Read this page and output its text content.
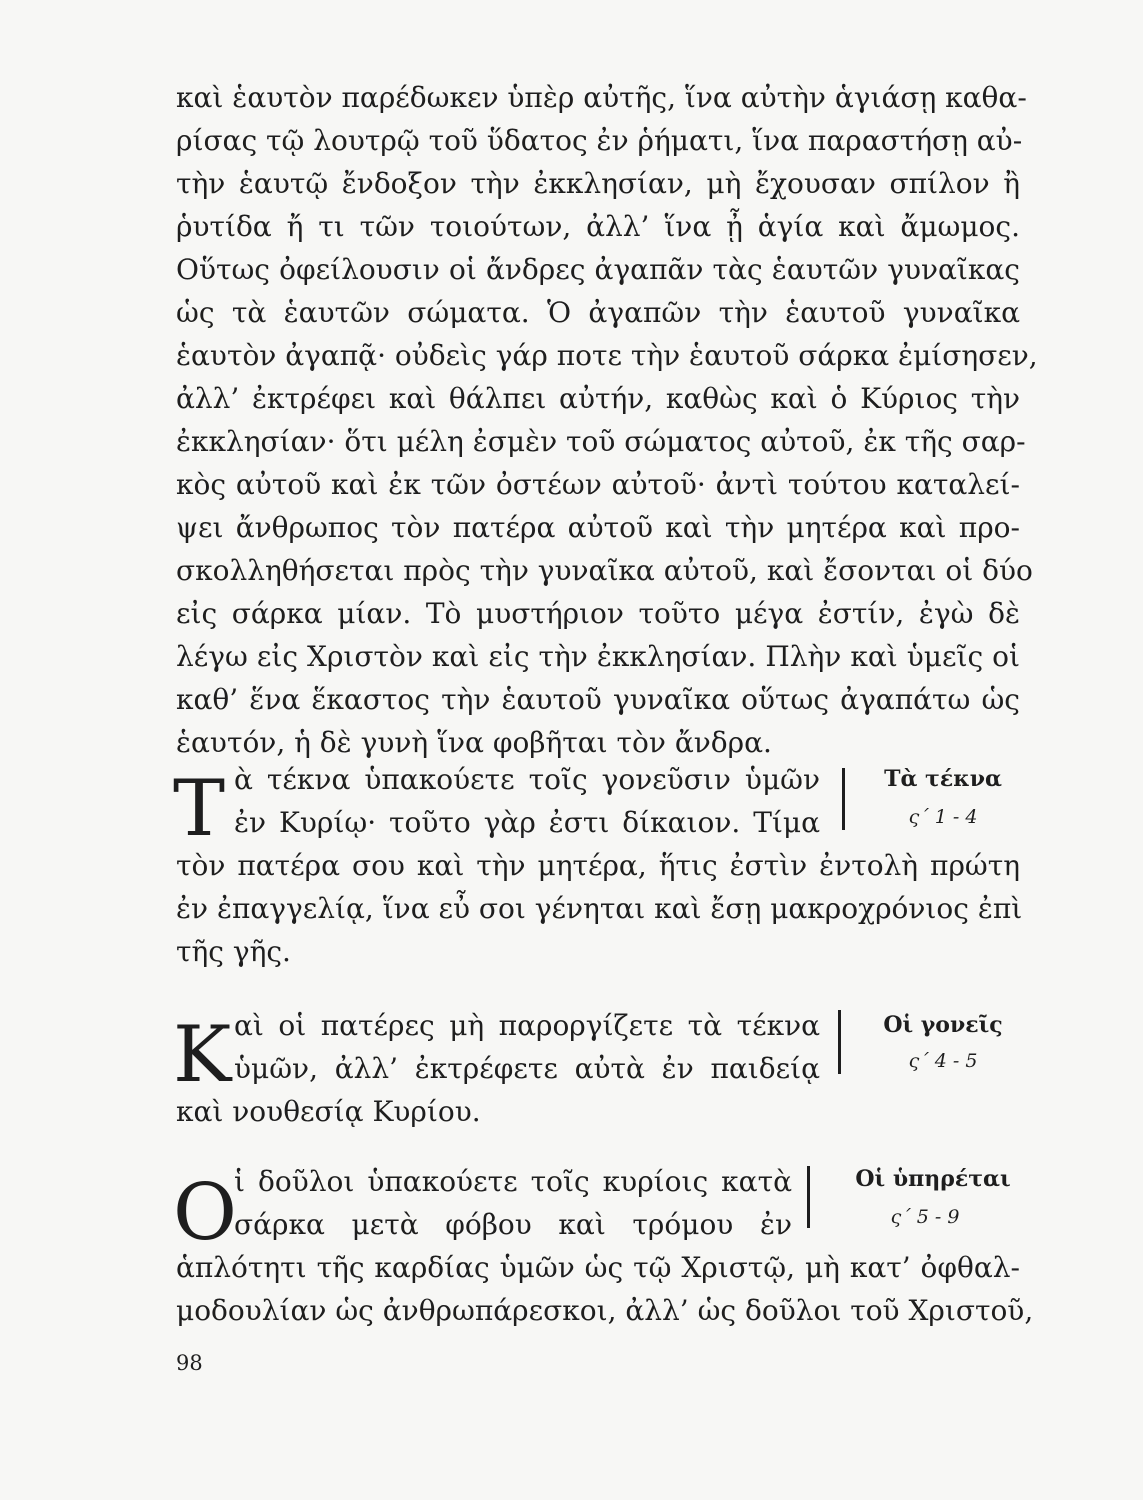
καὶ ἑαυτὸν παρέδωκεν ὑπὲρ αὐτῆς, ἵνα αὐτὴν ἁγιάσῃ καθα-
ρίσας τῷ λουτρῷ τοῦ ὕδατος ἐν ῥήματι, ἵνα παραστήσῃ αὐ-
τὴν ἑαυτῷ ἔνδοξον τὴν ἐκκλησίαν, μὴ ἔχουσαν σπίλον ἢ
ῥυτίδα ἤ τι τῶν τοιούτων, ἀλλ’ ἵνα ᾖ ἁγία καὶ ἄμωμος.
Οὕτως ὀφείλουσιν οἱ ἄνδρες ἀγαπᾶν τὰς ἑαυτῶν γυναῖκας
ὡς τὰ ἑαυτῶν σώματα. Ὁ ἀγαπῶν τὴν ἑαυτοῦ γυναῖκα
ἑαυτὸν ἀγαπᾷ· οὐδεὶς γάρ ποτε τὴν ἑαυτοῦ σάρκα ἐμίσησεν,
ἀλλ’ ἐκτρέφει καὶ θάλπει αὐτήν, καθὼς καὶ ὁ Κύριος τὴν
ἐκκλησίαν· ὅτι μέλη ἐσμὲν τοῦ σώματος αὐτοῦ, ἐκ τῆς σαρ-
κὸς αὐτοῦ καὶ ἐκ τῶν ὀστέων αὐτοῦ· ἀντὶ τούτου καταλεί-
ψει ἄνθρωπος τὸν πατέρα αὐτοῦ καὶ τὴν μητέρα καὶ προ-
σκολληθήσεται πρὸς τὴν γυναῖκα αὐτοῦ, καὶ ἔσονται οἱ δύο
εἰς σάρκα μίαν. Τὸ μυστήριον τοῦτο μέγα ἐστίν, ἐγὼ δὲ
λέγω εἰς Χριστὸν καὶ εἰς τὴν ἐκκλησίαν. Πλὴν καὶ ὑμεῖς οἱ
καθ’ ἕνα ἕκαστος τὴν ἑαυτοῦ γυναῖκα οὕτως ἀγαπάτω ὡς
ἑαυτόν, ἡ δὲ γυνὴ ἵνα φοβῆται τὸν ἄνδρα.
Τ ὰ τέκνα ὑπακούετε τοῖς γονεῦσιν ὑμῶν
ἐν Κυρίῳ· τοῦτο γὰρ ἐστι δίκαιον. Τίμα
Τὰ τέκνα
ς΄ 1 - 4
τὸν πατέρα σου καὶ τὴν μητέρα, ἥτις ἐστὶν ἐντολὴ πρώτη
ἐν ἐπαγγελίᾳ, ἵνα εὖ σοι γένηται καὶ ἔσῃ μακροχρόνιος ἐπὶ
τῆς γῆς.
Κ αὶ οἱ πατέρες μὴ παροργίζετε τὰ τέκνα
ὑμῶν, ἀλλ’ ἐκτρέφετε αὐτὰ ἐν παιδείᾳ
Οἱ γονεῖς
ς΄ 4 - 5
καὶ νουθεσίᾳ Κυρίου.
Ο
ἱ δοῦλοι ὑπακούετε τοῖς κυρίοις κατὰ
σάρκα μετὰ φόβου καὶ τρόμου ἐν
Οἱ ὑπηρέται
ς΄ 5 - 9
ἁπλότητι τῆς καρδίας ὑμῶν ὡς τῷ Χριστῷ, μὴ κατ’ ὀφθαλ-
μοδουλίαν ὡς ἀνθρωπάρεσκοι, ἀλλ’ ὡς δοῦλοι τοῦ Χριστοῦ,
98
